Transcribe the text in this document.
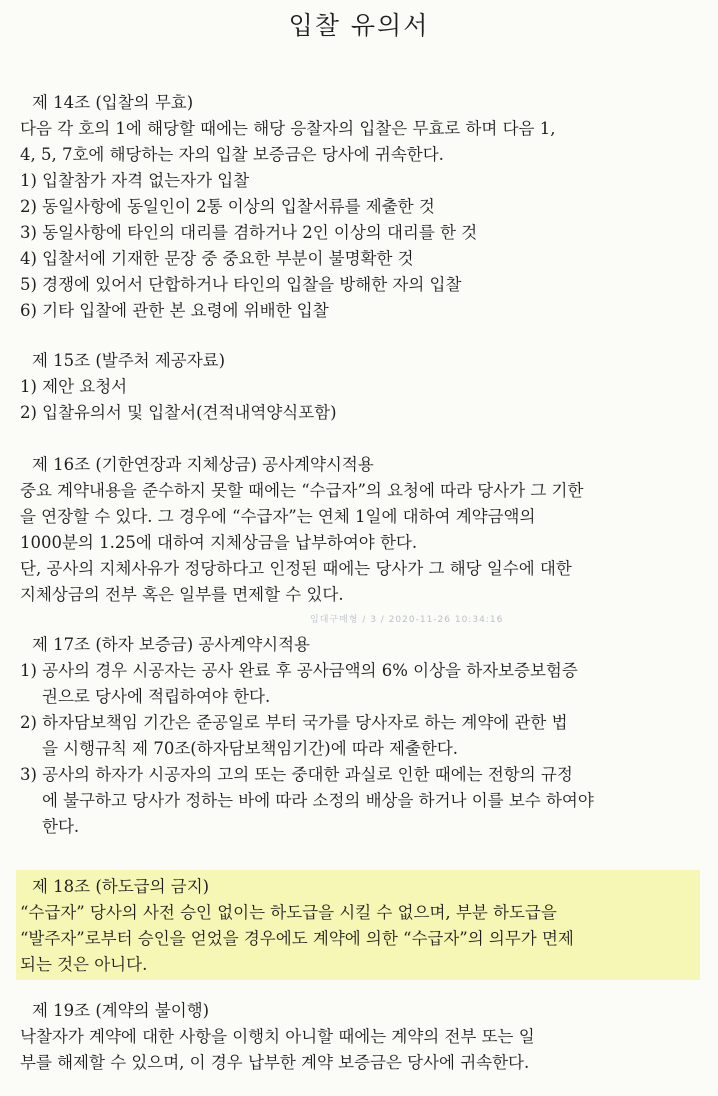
입찰 유의서
제 14조 (입찰의 무효)
다음 각 호의 1에 해당할 때에는 해당 응찰자의 입찰은 무효로 하며 다음 1,
4, 5, 7호에 해당하는 자의 입찰 보증금은 당사에 귀속한다.
1) 입찰참가 자격 없는자가 입찰
2) 동일사항에 동일인이 2통 이상의 입찰서류를 제출한 것
3) 동일사항에 타인의 대리를 겸하거나 2인 이상의 대리를 한 것
4) 입찰서에 기재한 문장 중 중요한 부분이 불명확한 것
5) 경쟁에 있어서 단합하거나 타인의 입찰을 방해한 자의 입찰
6) 기타 입찰에 관한 본 요령에 위배한 입찰
제 15조 (발주처 제공자료)
1) 제안 요청서
2) 입찰유의서 및 입찰서(견적내역양식포함)
제 16조 (기한연장과 지체상금) 공사계약시적용
중요 계약내용을 준수하지 못할 때에는 “수급자”의 요청에 따라 당사가 그 기한
을 연장할 수 있다. 그 경우에 “수급자”는 연체 1일에 대하여 계약금액의
1000분의 1.25에 대하여 지체상금을 납부하여야 한다.
단, 공사의 지체사유가 정당하다고 인정된 때에는 당사가 그 해당 일수에 대한
지체상금의 전부 혹은 일부를 면제할 수 있다.
임대구매형 / 3 / 2020-11-26 10:34:16
제 17조 (하자 보증금) 공사계약시적용
1) 공사의 경우 시공자는 공사 완료 후 공사금액의 6% 이상을 하자보증보험증
권으로 당사에 적립하여야 한다.
2) 하자담보책임 기간은 준공일로 부터 국가를 당사자로 하는 계약에 관한 법
을 시행규칙 제 70조(하자담보책임기간)에 따라 제출한다.
3) 공사의 하자가 시공자의 고의 또는 중대한 과실로 인한 때에는 전항의 규정
에 불구하고 당사가 정하는 바에 따라 소정의 배상을 하거나 이를 보수 하여야
한다.
제 18조 (하도급의 금지)
“수급자” 당사의 사전 승인 없이는 하도급을 시킬 수 없으며, 부분 하도급을
“발주자”로부터 승인을 얻었을 경우에도 계약에 의한 “수급자”의 의무가 면제
되는 것은 아니다.
제 19조 (계약의 불이행)
낙찰자가 계약에 대한 사항을 이행치 아니할 때에는 계약의 전부 또는 일
부를 해제할 수 있으며, 이 경우 납부한 계약 보증금은 당사에 귀속한다.
